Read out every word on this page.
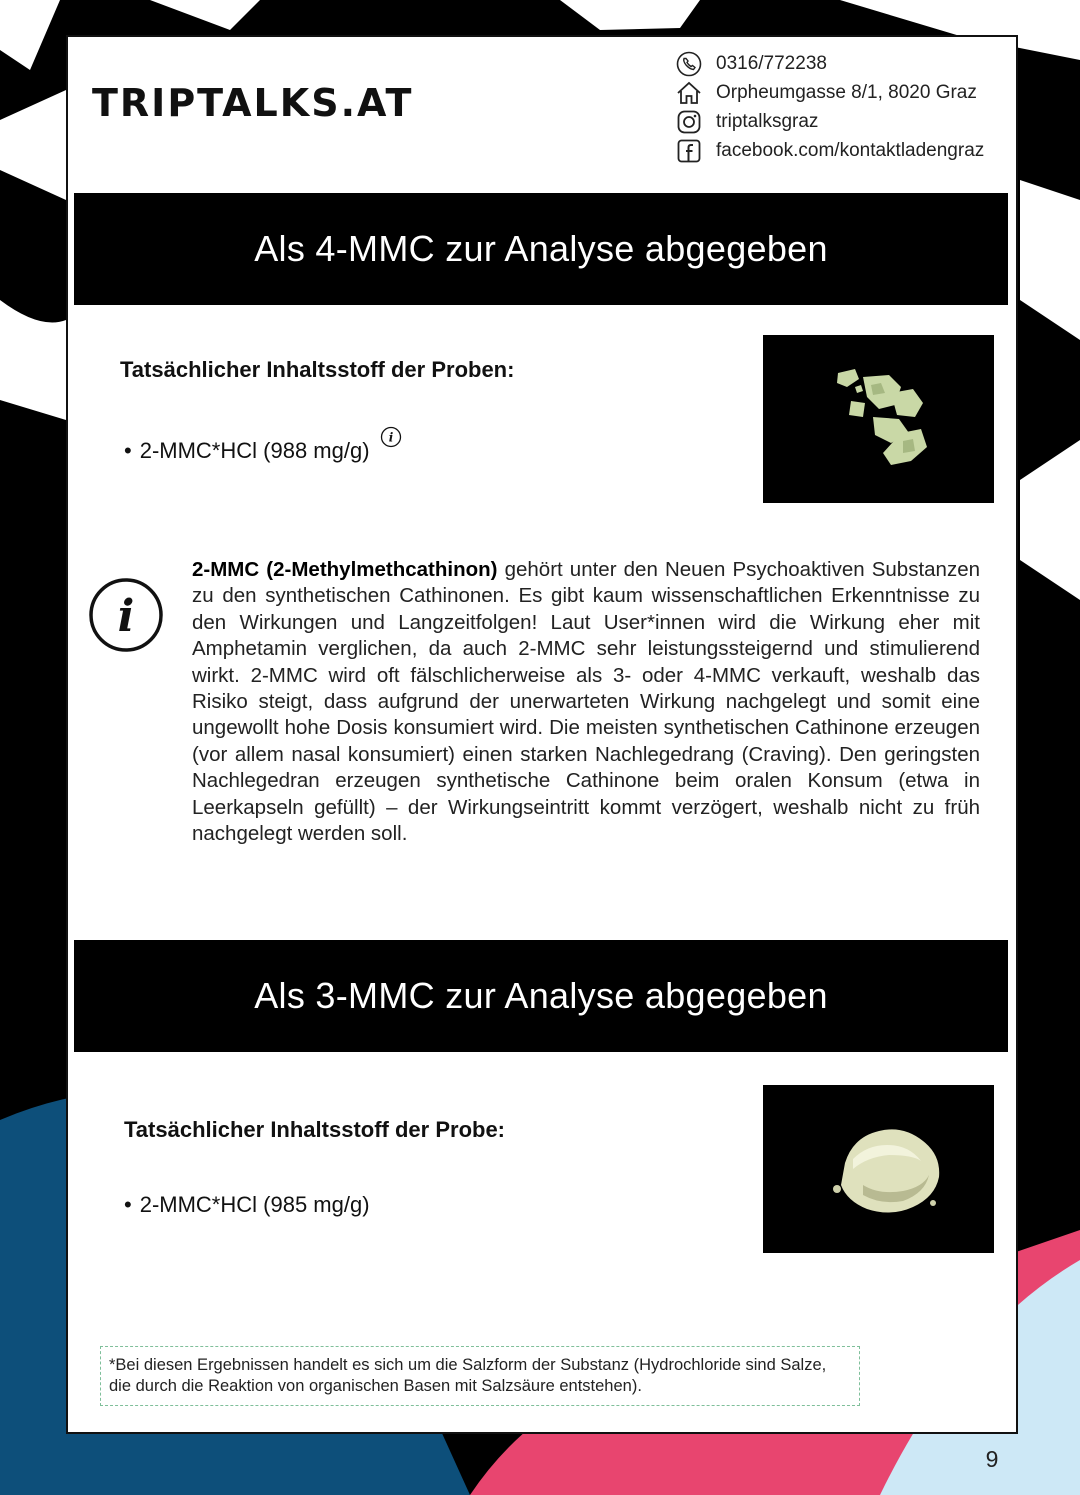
9
TRIPTALKS.AT
0316/772238
Orpheumgasse 8/1, 8020 Graz
triptalksgraz
facebook.com/kontaktladengraz
Als 4-MMC zur Analyse abgegeben
Tatsächlicher Inhaltsstoff der Proben:
• 2-MMC*HCl (988 mg/g)
i
i
2-MMC (2-Methylmethcathinon) gehört unter den Neuen Psychoaktiven Substanzen zu den synthetischen Cathinonen. Es gibt kaum wissenschaftlichen Erkenntnisse zu den Wirkungen und Langzeitfolgen! Laut User*innen wird die Wirkung eher mit Amphetamin verglichen, da auch 2-MMC sehr leistungssteigernd und stimulierend wirkt. 2-MMC wird oft fälschlicherweise als 3- oder 4-MMC verkauft, weshalb das Risiko steigt, dass aufgrund der unerwarteten Wirkung nachgelegt und somit eine ungewollt hohe Dosis konsumiert wird. Die meisten synthetischen Cathinone erzeugen (vor allem nasal konsumiert) einen starken Nachlegedrang (Craving). Den geringsten Nachlegedran erzeugen synthetische Cathinone beim oralen Konsum (etwa in Leerkapseln gefüllt) – der Wirkungseintritt kommt verzögert, weshalb nicht zu früh nachgelegt werden soll.
Als 3-MMC zur Analyse abgegeben
Tatsächlicher Inhaltsstoff der Probe:
• 2-MMC*HCl (985 mg/g)
*Bei diesen Ergebnissen handelt es sich um die Salzform der Substanz (Hydrochloride sind Salze, die durch die Reaktion von organischen Basen mit Salzsäure entstehen).
